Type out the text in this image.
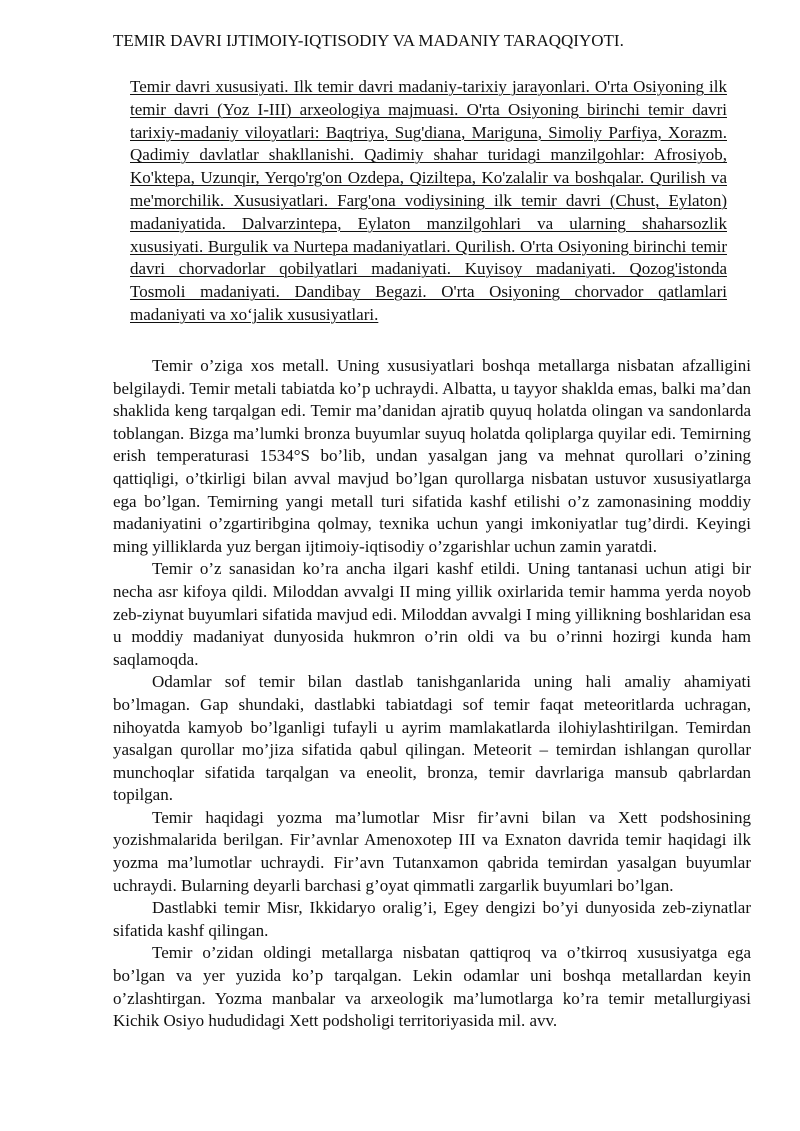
TEMIR DAVRI IJTIMOIY-IQTISODIY VA MADANIY TARAQQIYOTI.

Temir davri xususiyati. Ilk temir davri madaniy-tarixiy jarayonlari. O'rta Osiyoning ilk temir davri (Yoz I-III) arxeologiya majmuasi. O'rta Osiyoning birinchi temir davri tarixiy-madaniy viloyatlari: Baqtriya, Sug'diana, Mariguna, Simoliy Parfiya, Xorazm. Qadimiy davlatlar shakllanishi. Qadimiy shahar turidagi manzilgohlar: Afrosiyob, Ko'ktepa, Uzunqir, Yerqo'rg'on Ozdepa, Qiziltepa, Ko'zalalir va boshqalar. Qurilish va me'morchilik. Xususiyatlari. Farg'ona vodiysining ilk temir davri (Chust, Eylaton) madaniyatida. Dalvarzintepa, Eylaton manzilgohlari va ularning shaharsozlik xususiyati. Burgulik va Nurtepa madaniyatlari. Qurilish. O'rta Osiyoning birinchi temir davri chorvadorlar qobilyatlari madaniyati. Kuyisoy madaniyati. Qozog'istonda Tosmoli madaniyati. Dandibay Begazi. O'rta Osiyoning chorvador qatlamlari madaniyati va xo‘jalik xususiyatlari.

Temir o’ziga xos metall. Uning xususiyatlari boshqa metallarga nisbatan afzalligini belgilaydi. Temir metali tabiatda ko’p uchraydi. Albatta, u tayyor shaklda emas, balki ma’dan shaklida keng tarqalgan edi. Temir ma’danidan ajratib quyuq holatda olingan va sandonlarda toblangan. Bizga ma’lumki bronza buyumlar suyuq holatda qoliplarga quyilar edi. Temirning erish temperaturasi 1534°S bo’lib, undan yasalgan jang va mehnat qurollari o’zining qattiqligi, o’tkirligi bilan avval mavjud bo’lgan qurollarga nisbatan ustuvor xususiyatlarga ega bo’lgan. Temirning yangi metall turi sifatida kashf etilishi o’z zamonasining moddiy madaniyatini o’zgartiribgina qolmay, texnika uchun yangi imkoniyatlar tug’dirdi. Keyingi ming yilliklarda yuz bergan ijtimoiy-iqtisodiy o’zgarishlar uchun zamin yaratdi.

Temir o’z sanasidan ko’ra ancha ilgari kashf etildi. Uning tantanasi uchun atigi bir necha asr kifoya qildi. Miloddan avvalgi II ming yillik oxirlarida temir hamma yerda noyob zeb-ziynat buyumlari sifatida mavjud edi. Miloddan avvalgi I ming yillikning boshlaridan esa u moddiy madaniyat dunyosida hukmron o’rin oldi va bu o’rinni hozirgi kunda ham saqlamoqda.

Odamlar sof temir bilan dastlab tanishganlarida uning hali amaliy ahamiyati bo’lmagan. Gap shundaki, dastlabki tabiatdagi sof temir faqat meteoritlarda uchragan, nihoyatda kamyob bo’lganligi tufayli u ayrim mamlakatlarda ilohiylashtirilgan. Temirdan yasalgan qurollar mo’jiza sifatida qabul qilingan. Meteorit – temirdan ishlangan qurollar munchoqlar sifatida tarqalgan va eneolit, bronza, temir davrlariga mansub qabrlardan topilgan.

Temir haqidagi yozma ma’lumotlar Misr fir’avni bilan va Xett podshosining yozishmalarida berilgan. Fir’avnlar Amenoxotep III va Exnaton davrida temir haqidagi ilk yozma ma’lumotlar uchraydi. Fir’avn Tutanxamon qabrida temirdan yasalgan buyumlar uchraydi. Bularning deyarli barchasi g’oyat qimmatli zargarlik buyumlari bo’lgan.

Dastlabki temir Misr, Ikkidaryo oralig’i, Egey dengizi bo’yi dunyosida zeb-ziynatlar sifatida kashf qilingan.

Temir o’zidan oldingi metallarga nisbatan qattiqroq va o’tkirroq xususiyatga ega bo’lgan va yer yuzida ko’p tarqalgan. Lekin odamlar uni boshqa metallardan keyin o’zlashtirgan. Yozma manbalar va arxeologik ma’lumotlarga ko’ra temir metallurgiyasi Kichik Osiyo hududidagi Xett podsholigi territoriyasida mil. avv.
